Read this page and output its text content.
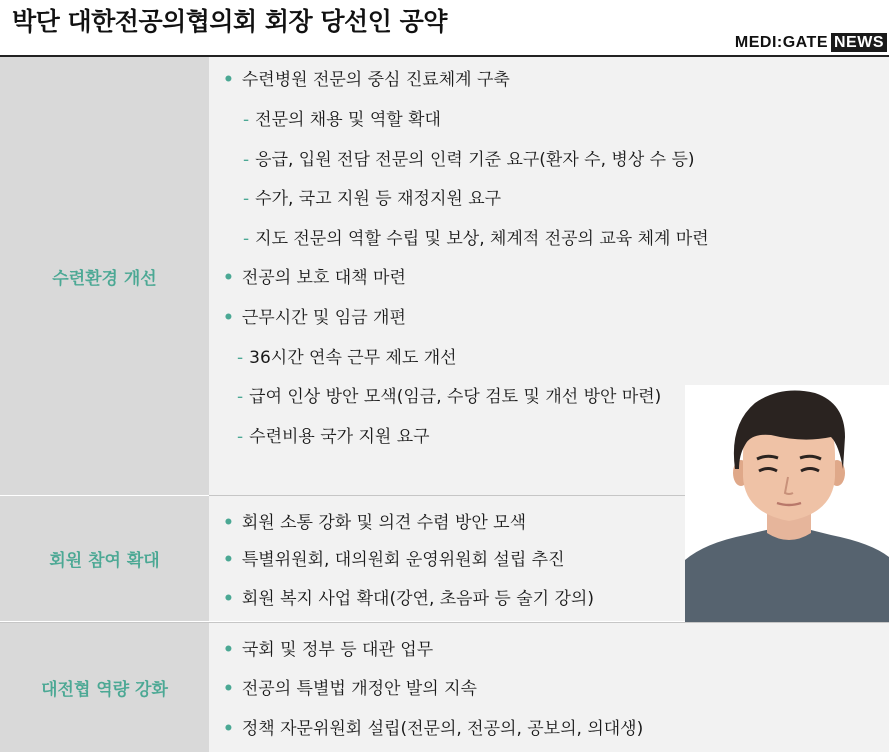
박단 대한전공의협의회 회장 당선인 공약
MEDI:GATE NEWS
수련환경 개선
• 수련병원 전문의 중심 진료체계 구축
- 전문의 채용 및 역할 확대
- 응급, 입원 전담 전문의 인력 기준 요구(환자 수, 병상 수 등)
- 수가, 국고 지원 등 재정지원 요구
- 지도 전문의 역할 수립 및 보상, 체계적 전공의 교육 체계 마련
• 전공의 보호 대책 마련
• 근무시간 및 임금 개편
- 36시간 연속 근무 제도 개선
- 급여 인상 방안 모색(임금, 수당 검토 및 개선 방안 마련)
- 수련비용 국가 지원 요구
회원 참여 확대
• 회원 소통 강화 및 의견 수렴 방안 모색
• 특별위원회, 대의원회 운영위원회 설립 추진
• 회원 복지 사업 확대(강연, 초음파 등 술기 강의)
대전협 역량 강화
• 국회 및 정부 등 대관 업무
• 전공의 특별법 개정안 발의 지속
• 정책 자문위원회 설립(전문의, 전공의, 공보의, 의대생)
